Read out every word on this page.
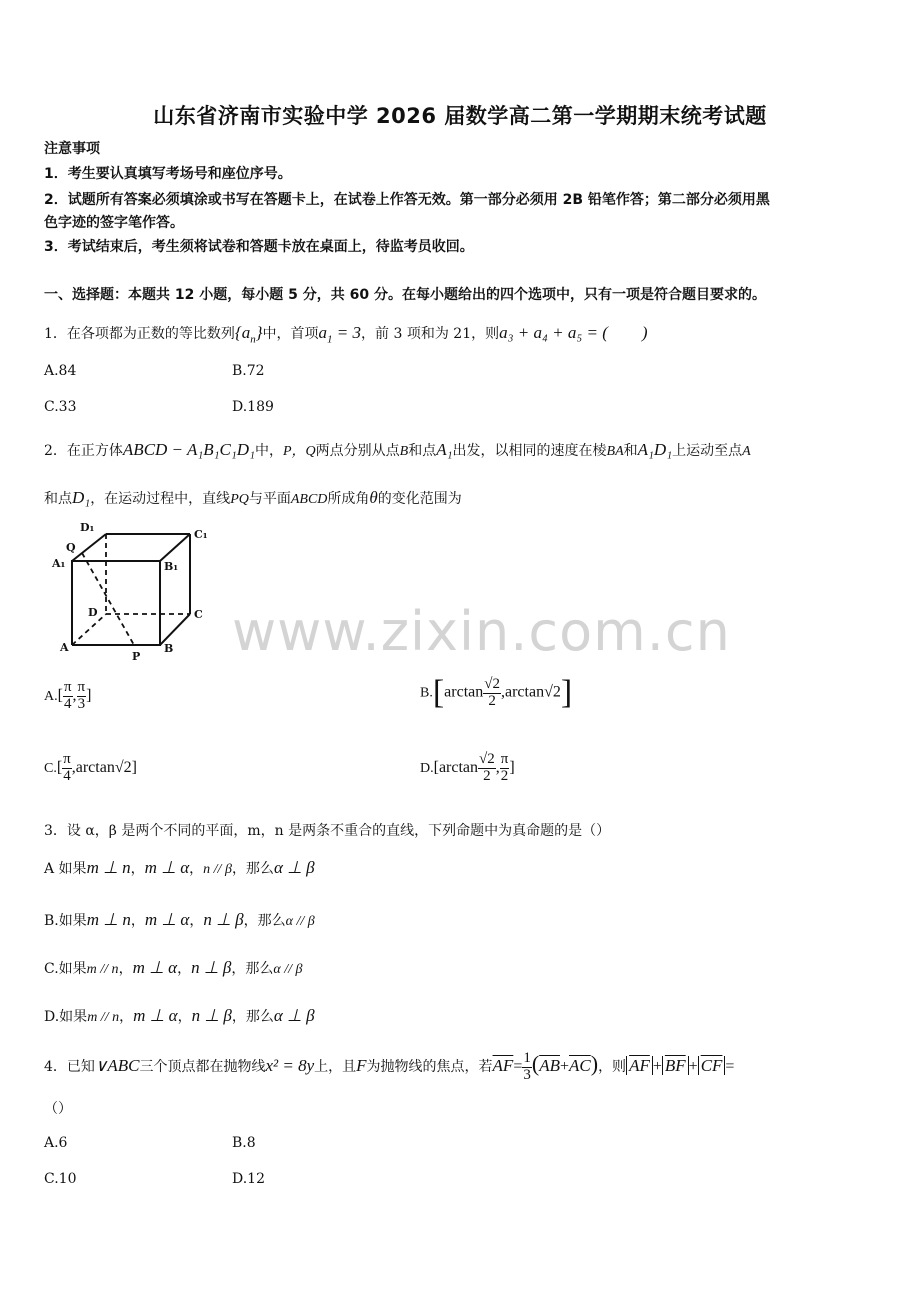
山东省济南市实验中学 2026 届数学高二第一学期期末统考试题
注意事项
1．考生要认真填写考场号和座位序号。
2．试题所有答案必须填涂或书写在答题卡上，在试卷上作答无效。第一部分必须用 2B 铅笔作答；第二部分必须用黑
色字迹的签字笔作答。
3．考试结束后，考生须将试卷和答题卡放在桌面上，待监考员收回。
一、选择题：本题共 12 小题，每小题 5 分，共 60 分。在每小题给出的四个选项中，只有一项是符合题目要求的。
1．在各项都为正数的等比数列$\{a_n\}$中，首项$a_1 = 3$，前 3 项和为 21，则a₃ + a₄ + a₅ = (　　)
A.84	B.72
C.33	D.189
2．在正方体ABCD − A₁B₁C₁D₁中，P，Q两点分别从点B和点A₁出发，以相同的速度在棱BA和A₁D₁上运动至点A
和点D₁，在运动过程中，直线PQ与平面ABCD所成角θ的变化范围为
D₁
C₁
Q
A₁	B₁
D	C
A
P
B
$A.[ \frac{\pi}{4}$ , $\frac{\pi}{3}$ ]	$B.[\arctan \frac{√2}{2} ,\arctan√2]$
$C.[ \frac{\pi}{4} ,\arctan√2]$	$D.[\arctan \frac{√2}{2}$ , $\frac{\pi}{2}$ ]
3．设 α，β 是两个不同的平面，m，n 是两条不重合的直线，下列命题中为真命题的是（）
A 如果m ⊥ n，m ⊥ α，n // β，那么α ⊥ β
B.如果m ⊥ n，m ⊥ α，n ⊥ β，那么α // β
C.如果m // n，m ⊥ α，n ⊥ β，那么α // β
D.如果m // n，m ⊥ α，n ⊥ β，那么α ⊥ β
4．已知∨ABC三个顶点都在抛物线x² = 8y上，且F为抛物线的焦点，若$\overline{AF}= \frac{1}{3} (\overline{AB}+\overline{AC})$，则 $\overline{AF} + \overline{BF} + \overline{CF}$ =
（）
A.6	B.8
C.10	D.12
www.zixin.com.cn
